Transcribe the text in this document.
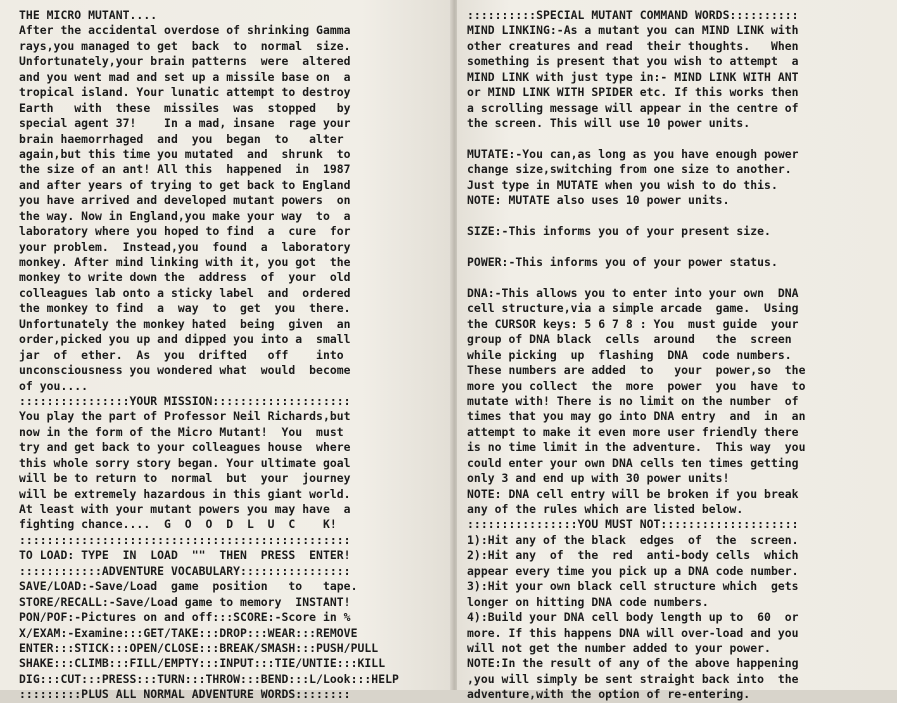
THE MICRO MUTANT....
After the accidental overdose of shrinking Gamma
rays,you managed to get  back  to  normal  size.
Unfortunately,your brain patterns  were  altered
and you went mad and set up a missile base on  a
tropical island. Your lunatic attempt to destroy
Earth   with  these  missiles  was  stopped   by
special agent 37!    In a mad, insane  rage your
brain haemorrhaged  and  you  began  to   alter
again,but this time you mutated  and  shrunk  to
the size of an ant! All this  happened  in  1987
and after years of trying to get back to England
you have arrived and developed mutant powers  on
the way. Now in England,you make your way  to  a
laboratory where you hoped to find  a  cure  for
your problem.  Instead,you  found  a  laboratory
monkey. After mind linking with it, you got  the
monkey to write down the  address  of  your  old
colleagues lab onto a sticky label  and  ordered
the monkey to find  a  way  to  get  you  there.
Unfortunately the monkey hated  being  given  an
order,picked you up and dipped you into a  small
jar  of  ether.  As  you  drifted   off    into
unconsciousness you wondered what  would  become
of you....
::::::::::::::::YOUR MISSION::::::::::::::::::::
You play the part of Professor Neil Richards,but
now in the form of the Micro Mutant!  You  must
try and get back to your colleagues house  where
this whole sorry story began. Your ultimate goal
will be to return to  normal  but  your  journey
will be extremely hazardous in this giant world.
At least with your mutant powers you may have  a
fighting chance....  G  O  O  D  L  U  C    K!
::::::::::::::::::::::::::::::::::::::::::::::::
TO LOAD: TYPE  IN  LOAD  ""  THEN  PRESS  ENTER!
::::::::::::ADVENTURE VOCABULARY::::::::::::::::
SAVE/LOAD:-Save/Load  game  position   to   tape.
STORE/RECALL:-Save/Load game to memory  INSTANT!
PON/POF:-Pictures on and off:::SCORE:-Score in %
X/EXAM:-Examine:::GET/TAKE:::DROP:::WEAR:::REMOVE
ENTER:::STICK:::OPEN/CLOSE:::BREAK/SMASH:::PUSH/PULL
SHAKE:::CLIMB:::FILL/EMPTY:::INPUT:::TIE/UNTIE:::KILL
DIG:::CUT:::PRESS:::TURN:::THROW:::BEND:::L/Look:::HELP
:::::::::PLUS ALL NORMAL ADVENTURE WORDS::::::::
::::::::::SPECIAL MUTANT COMMAND WORDS::::::::::
MIND LINKING:-As a mutant you can MIND LINK with
other creatures and read  their thoughts.   When
something is present that you wish to attempt  a
MIND LINK with just type in:- MIND LINK WITH ANT
or MIND LINK WITH SPIDER etc. If this works then
a scrolling message will appear in the centre of
the screen. This will use 10 power units.
MUTATE:-You can,as long as you have enough power
change size,switching from one size to another.
Just type in MUTATE when you wish to do this.
NOTE: MUTATE also uses 10 power units.
SIZE:-This informs you of your present size.
POWER:-This informs you of your power status.
DNA:-This allows you to enter into your own  DNA
cell structure,via a simple arcade  game.  Using
the CURSOR keys: 5 6 7 8 : You  must guide  your
group of DNA black  cells  around   the  screen
while picking  up  flashing  DNA  code numbers.
These numbers are added  to   your  power,so  the
more you collect  the  more  power  you  have  to
mutate with! There is no limit on the number  of
times that you may go into DNA entry  and  in  an
attempt to make it even more user friendly there
is no time limit in the adventure.  This way  you
could enter your own DNA cells ten times getting
only 3 and end up with 30 power units!
NOTE: DNA cell entry will be broken if you break
any of the rules which are listed below.
::::::::::::::::YOU MUST NOT::::::::::::::::::::
1):Hit any of the black  edges  of  the  screen.
2):Hit any  of  the  red  anti-body cells  which
appear every time you pick up a DNA code number.
3):Hit your own black cell structure which  gets
longer on hitting DNA code numbers.
4):Build your DNA cell body length up to  60  or
more. If this happens DNA will over-load and you
will not get the number added to your power.
NOTE:In the result of any of the above happening
,you will simply be sent straight back into  the
adventure,with the option of re-entering.
